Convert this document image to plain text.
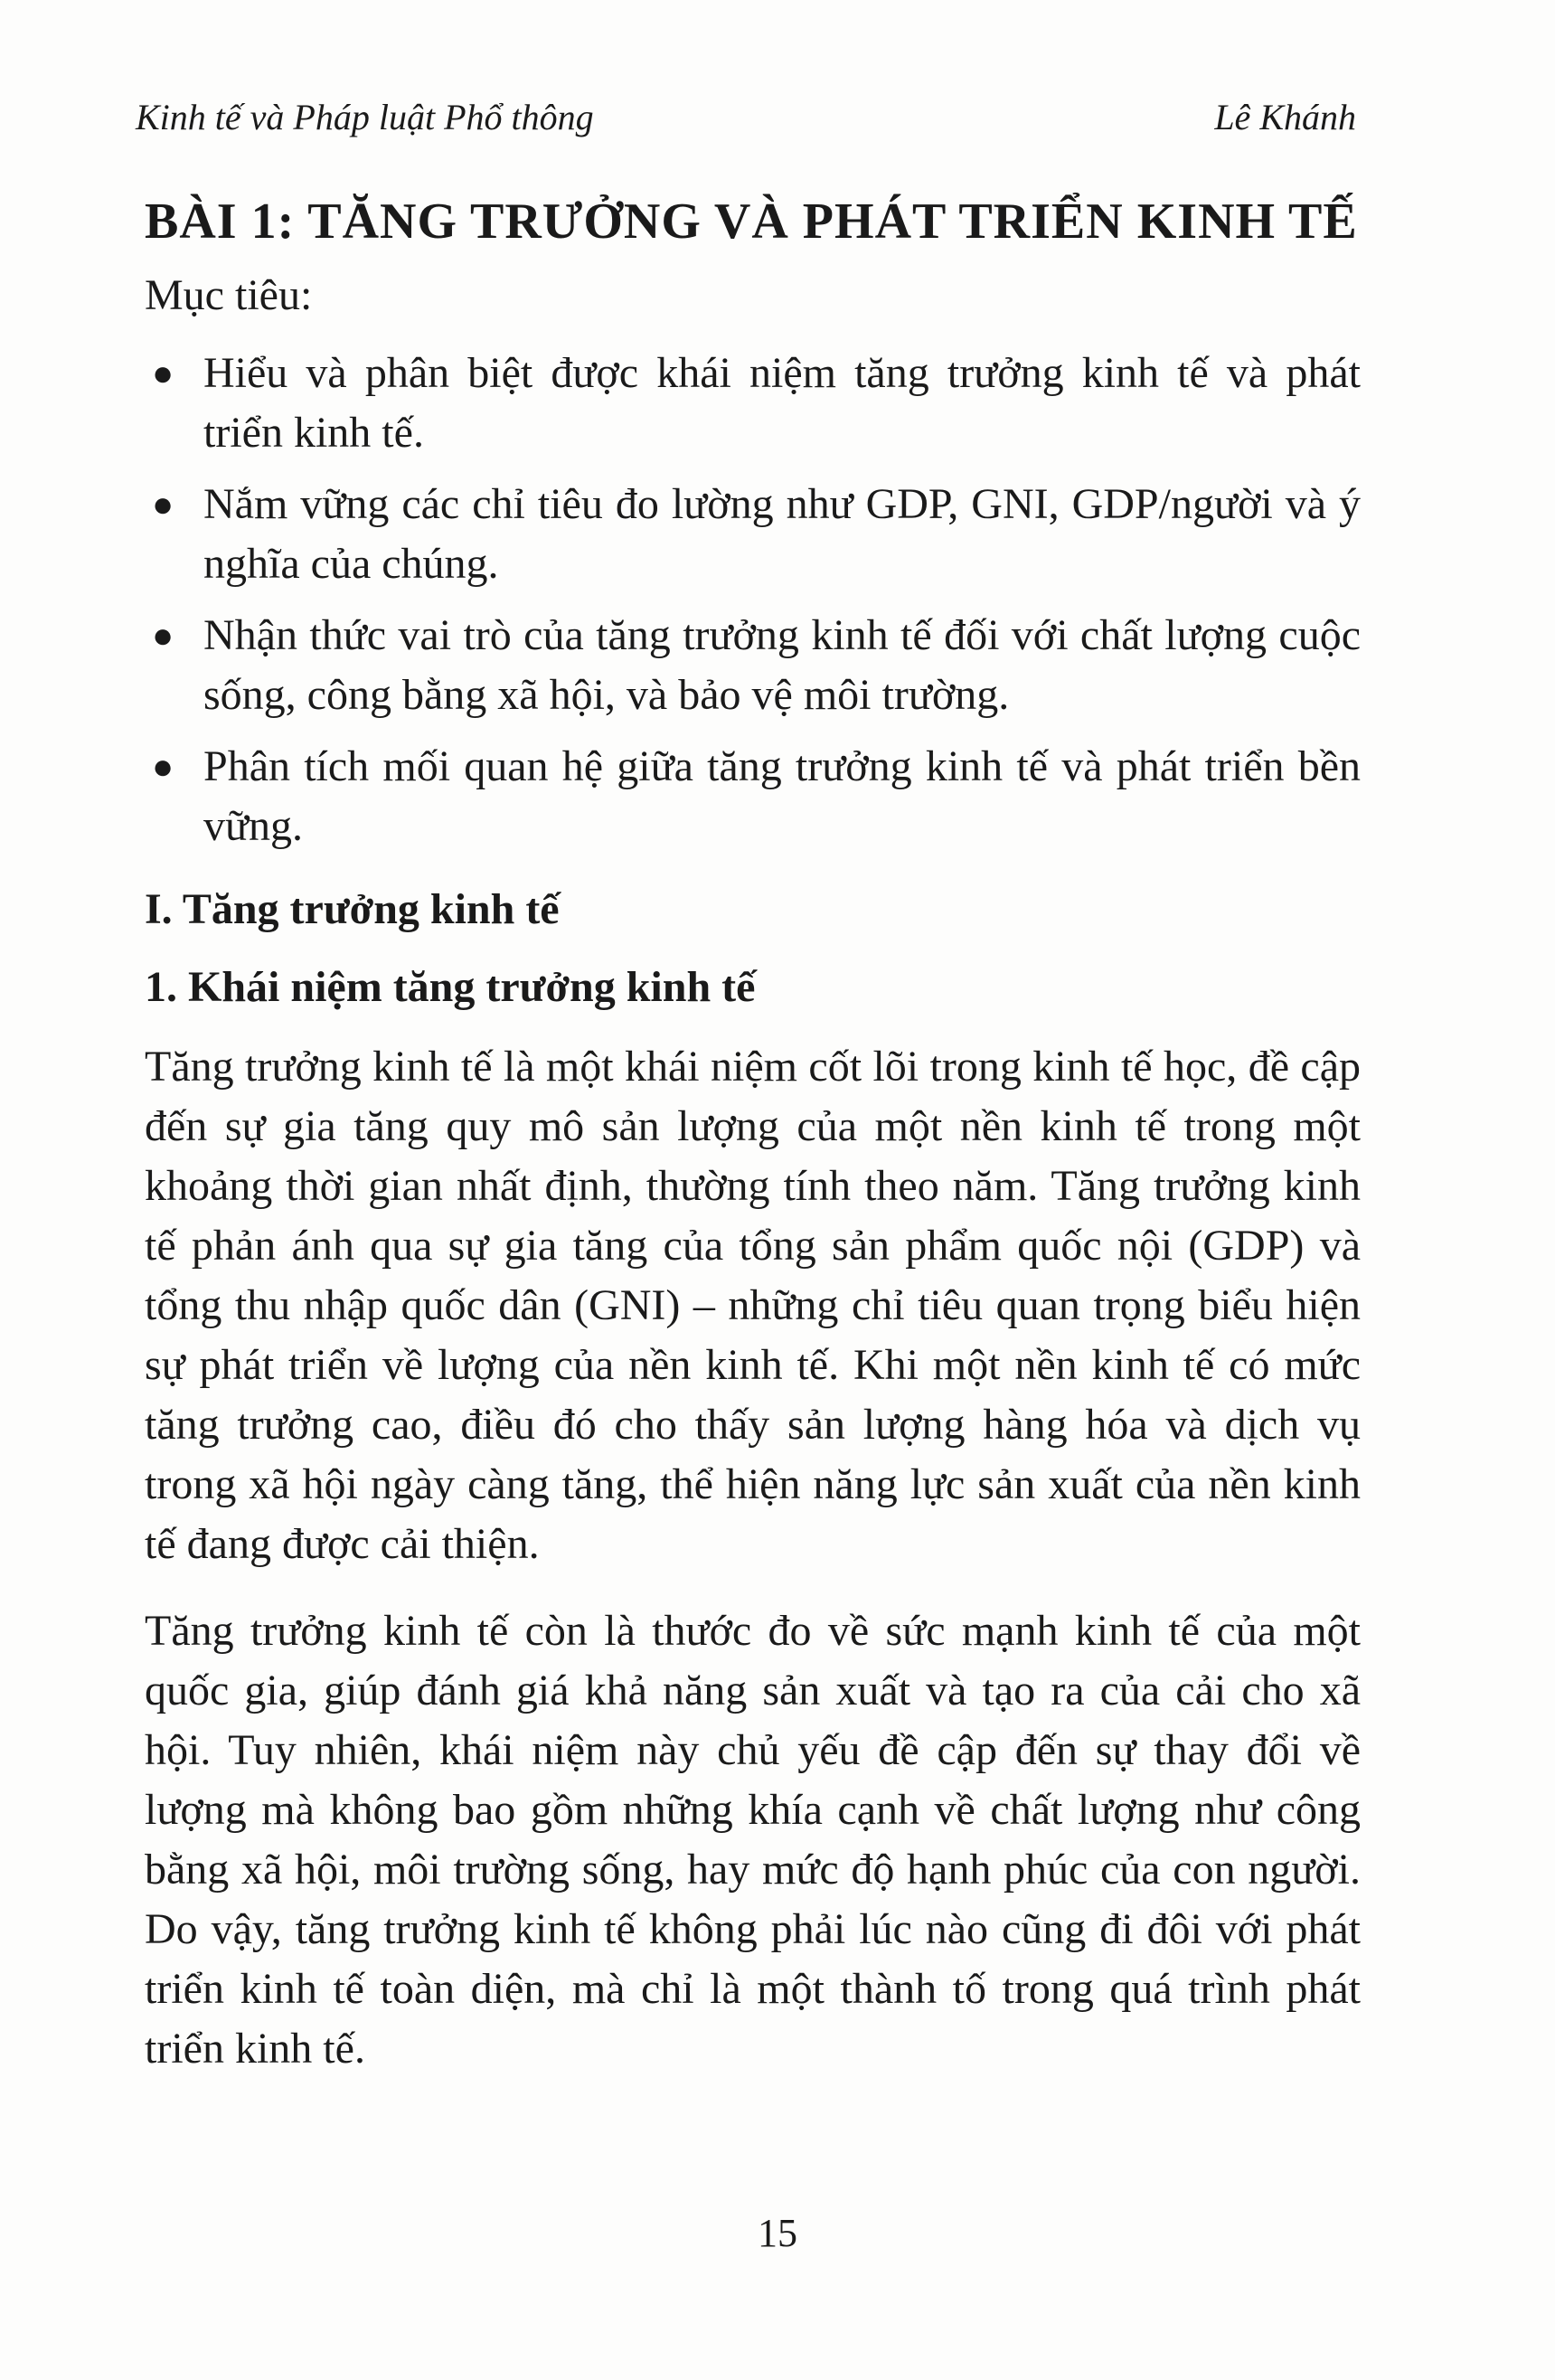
Kinh tế và Pháp luật Phổ thông	Lê Khánh
BÀI 1: TĂNG TRƯỞNG VÀ PHÁT TRIỂN KINH TẾ
Mục tiêu:
● Hiểu và phân biệt được khái niệm tăng trưởng kinh tế và phát triển kinh tế.
● Nắm vững các chỉ tiêu đo lường như GDP, GNI, GDP/người và ý nghĩa của chúng.
● Nhận thức vai trò của tăng trưởng kinh tế đối với chất lượng cuộc sống, công bằng xã hội, và bảo vệ môi trường.
● Phân tích mối quan hệ giữa tăng trưởng kinh tế và phát triển bền vững.
I. Tăng trưởng kinh tế
1. Khái niệm tăng trưởng kinh tế

Tăng trưởng kinh tế là một khái niệm cốt lõi trong kinh tế học, đề cập đến sự gia tăng quy mô sản lượng của một nền kinh tế trong một khoảng thời gian nhất định, thường tính theo năm. Tăng trưởng kinh tế phản ánh qua sự gia tăng của tổng sản phẩm quốc nội (GDP) và tổng thu nhập quốc dân (GNI) – những chỉ tiêu quan trọng biểu hiện sự phát triển về lượng của nền kinh tế. Khi một nền kinh tế có mức tăng trưởng cao, điều đó cho thấy sản lượng hàng hóa và dịch vụ trong xã hội ngày càng tăng, thể hiện năng lực sản xuất của nền kinh tế đang được cải thiện.

Tăng trưởng kinh tế còn là thước đo về sức mạnh kinh tế của một quốc gia, giúp đánh giá khả năng sản xuất và tạo ra của cải cho xã hội. Tuy nhiên, khái niệm này chủ yếu đề cập đến sự thay đổi về lượng mà không bao gồm những khía cạnh về chất lượng như công bằng xã hội, môi trường sống, hay mức độ hạnh phúc của con người. Do vậy, tăng trưởng kinh tế không phải lúc nào cũng đi đôi với phát triển kinh tế toàn diện, mà chỉ là một thành tố trong quá trình phát triển kinh tế.

15
